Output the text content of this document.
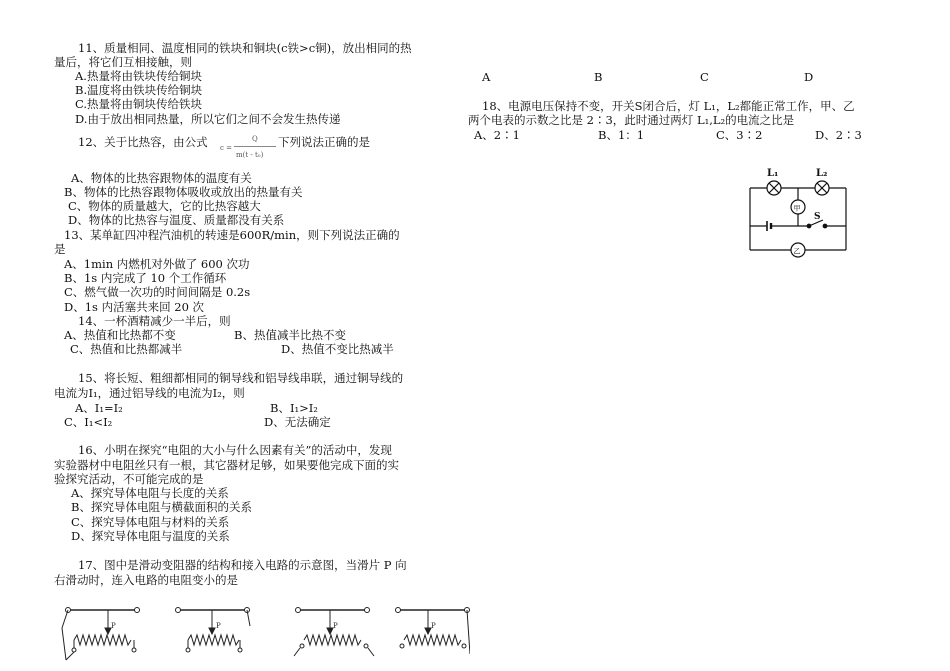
11、质量相同、温度相同的铁块和铜块(c铁>c铜)，放出相同的热
量后，将它们互相接触，则
A.热量将由铁块传给铜块
B.温度将由铁块传给铜块
C.热量将由铜块传给铁块
D.由于放出相同热量，所以它们之间不会发生热传递
12、关于比热容，由公式 c =
Q
m(t - t₀)
下列说法正确的是
A、物体的比热容跟物体的温度有关
B、物体的比热容跟物体吸收或放出的热量有关
C、物体的质量越大，它的比热容越大
D、物体的比热容与温度、质量都没有关系
13、某单缸四冲程汽油机的转速是600R/min，则下列说法正确的
是
A、1min 内燃机对外做了 600 次功
B、1s 内完成了 10 个工作循环
C、燃气做一次功的时间间隔是 0.2s
D、1s 内活塞共来回 20 次
14、一杯酒精减少一半后，则
A、热值和比热都不变	B、热值减半比热不变
C、热值和比热都减半	D、热值不变比热减半
15、将长短、粗细都相同的铜导线和铝导线串联，通过铜导线的
电流为I₁，通过铝导线的电流为I₂，则
A、I₁=I₂	B、I₁>I₂
C、I₁<I₂	D、无法确定
16、小明在探究“电阻的大小与什么因素有关”的活动中，发现
实验器材中电阻丝只有一根，其它器材足够，如果要他完成下面的实
验探究活动，不可能完成的是
A、探究导体电阻与长度的关系
B、探究导体电阻与横截面积的关系
C、探究导体电阻与材料的关系
D、探究导体电阻与温度的关系
17、图中是滑动变阻器的结构和接入电路的示意图，当滑片 P 向
右滑动时，连入电路的电阻变小的是
P	P	P	P
A	B	C	D
18、电源电压保持不变，开关S闭合后，灯 L₁，L₂都能正常工作，甲、乙
两个电表的示数之比是 2∶3，此时通过两灯 L₁,L₂的电流之比是
A、2∶1	B、1：1	C、3∶2	D、2∶3
L₁	L₂
甲
S
乙
